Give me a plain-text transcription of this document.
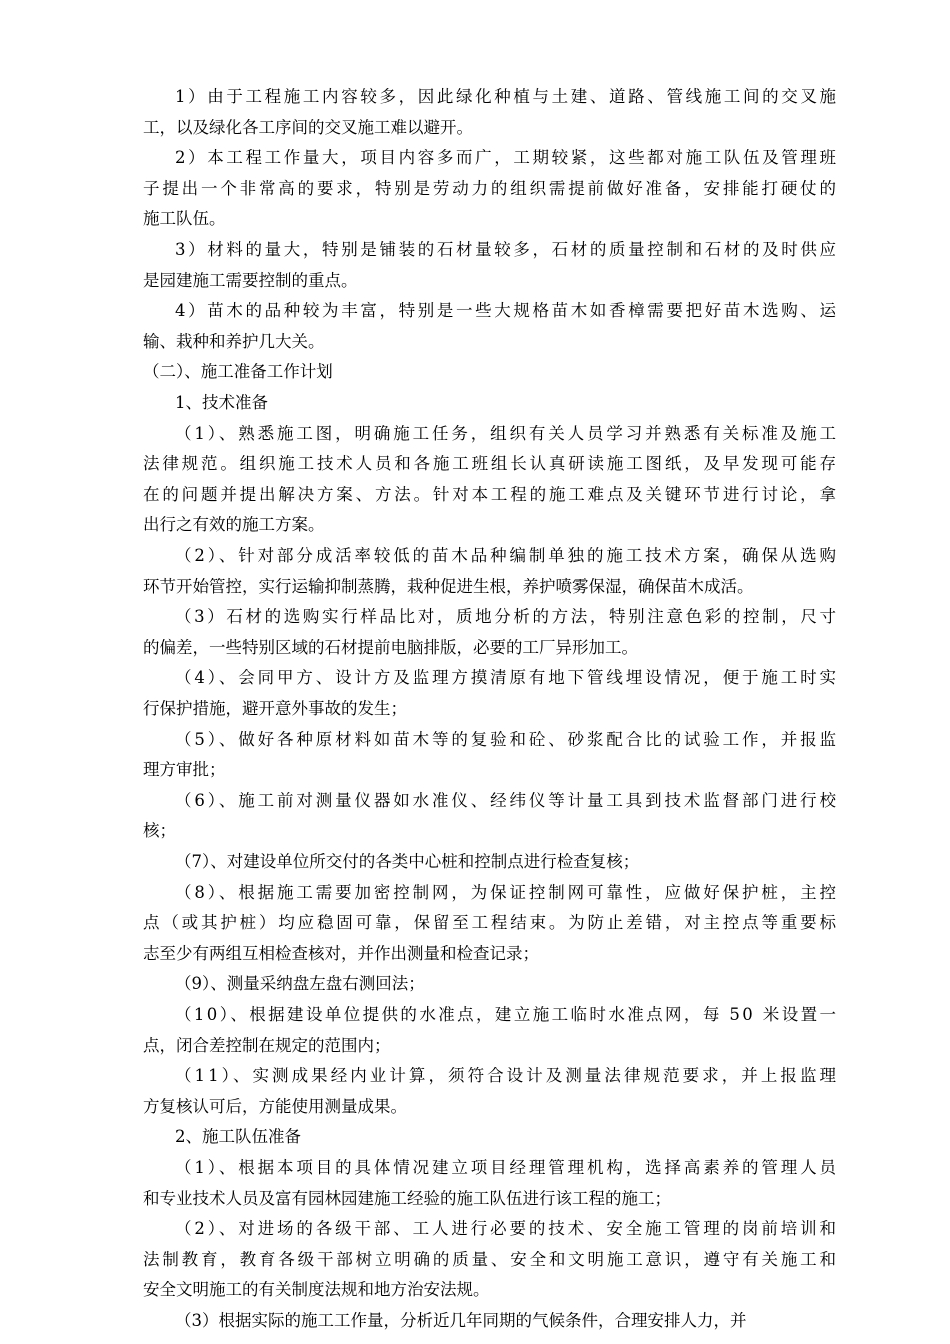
1）由于工程施工内容较多，因此绿化种植与土建、道路、管线施工间的交叉施
工，以及绿化各工序间的交叉施工难以避开。
2）本工程工作量大，项目内容多而广，工期较紧，这些都对施工队伍及管理班
子提出一个非常高的要求，特别是劳动力的组织需提前做好准备，安排能打硬仗的
施工队伍。
3）材料的量大，特别是铺装的石材量较多，石材的质量控制和石材的及时供应
是园建施工需要控制的重点。
4）苗木的品种较为丰富，特别是一些大规格苗木如香樟需要把好苗木选购、运
输、栽种和养护几大关。
（二）、施工准备工作计划
1、技术准备
（1）、熟悉施工图，明确施工任务，组织有关人员学习并熟悉有关标准及施工
法律规范。组织施工技术人员和各施工班组长认真研读施工图纸，及早发现可能存
在的问题并提出解决方案、方法。针对本工程的施工难点及关键环节进行讨论，拿
出行之有效的施工方案。
（2）、针对部分成活率较低的苗木品种编制单独的施工技术方案，确保从选购
环节开始管控，实行运输抑制蒸腾，栽种促进生根，养护喷雾保湿，确保苗木成活。
（3）石材的选购实行样品比对，质地分析的方法，特别注意色彩的控制，尺寸
的偏差，一些特别区域的石材提前电脑排版，必要的工厂异形加工。
（4）、会同甲方、设计方及监理方摸清原有地下管线埋设情况，便于施工时实
行保护措施，避开意外事故的发生；
（5）、做好各种原材料如苗木等的复验和砼、砂浆配合比的试验工作，并报监
理方审批；
（6）、施工前对测量仪器如水准仪、经纬仪等计量工具到技术监督部门进行校
核；
（7）、对建设单位所交付的各类中心桩和控制点进行检查复核；
（8）、根据施工需要加密控制网，为保证控制网可靠性，应做好保护桩，主控
点（或其护桩）均应稳固可靠，保留至工程结束。为防止差错，对主控点等重要标
志至少有两组互相检查核对，并作出测量和检查记录；
（9）、测量采纳盘左盘右测回法；
（10）、根据建设单位提供的水准点，建立施工临时水准点网，每 50 米设置一
点，闭合差控制在规定的范围内；
（11）、实测成果经内业计算，须符合设计及测量法律规范要求，并上报监理
方复核认可后，方能使用测量成果。
2、施工队伍准备
（1）、根据本项目的具体情况建立项目经理管理机构，选择高素养的管理人员
和专业技术人员及富有园林园建施工经验的施工队伍进行该工程的施工；
（2）、对进场的各级干部、工人进行必要的技术、安全施工管理的岗前培训和
法制教育，教育各级干部树立明确的质量、安全和文明施工意识，遵守有关施工和
安全文明施工的有关制度法规和地方治安法规。
（3）根据实际的施工工作量，分析近几年同期的气候条件，合理安排人力，并
